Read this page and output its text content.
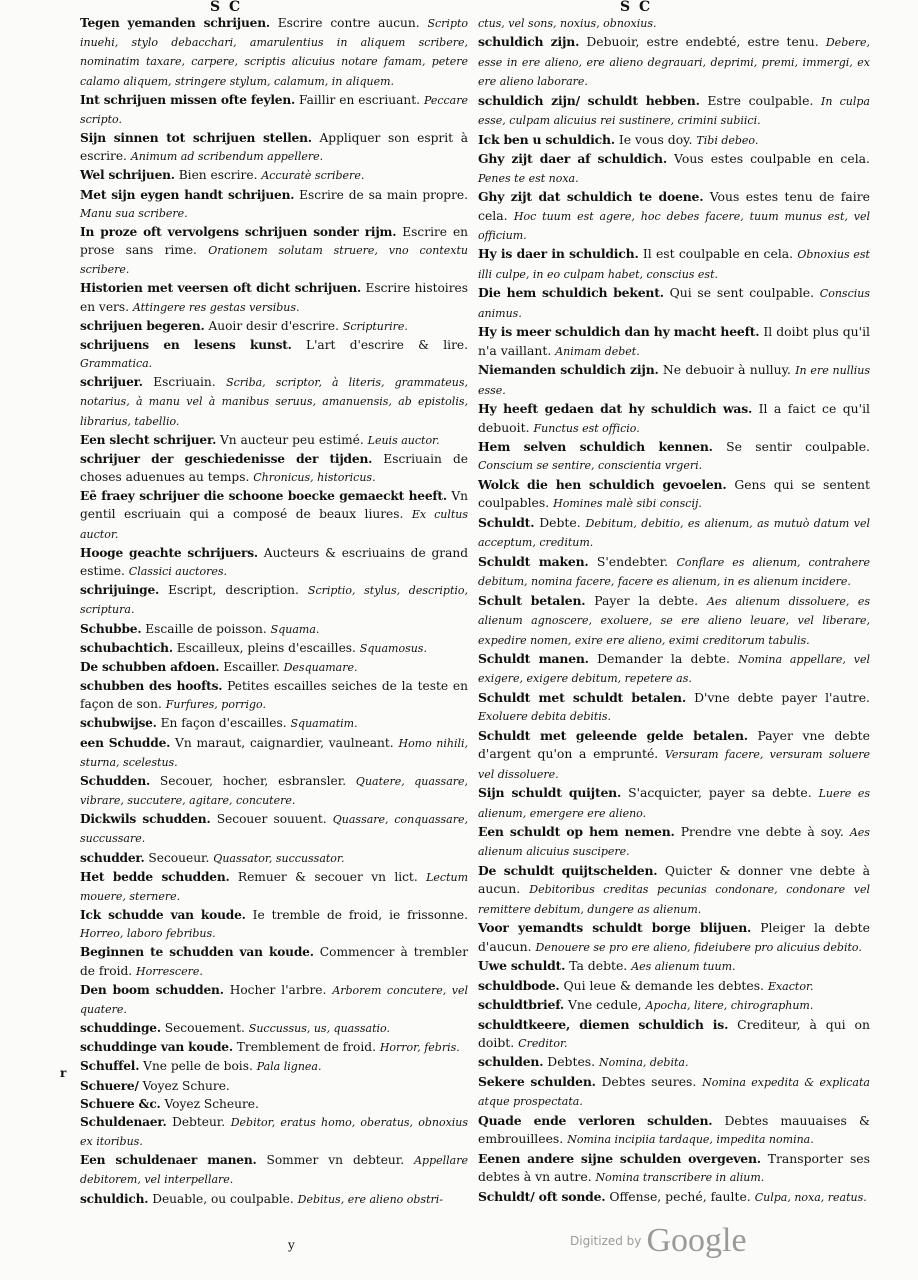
S C	S C

Tegen yemanden schrijuen. Escrire contre aucun. Scripto inuehi, stylo debacchari, amarulentius in aliquem scribere, nominatim taxare, carpere, scriptis alicuius notare famam, petere calamo aliquem, stringere stylum, calamum, in aliquem.

Int schrijuen missen ofte feylen. Faillir en escriuant. Peccare scripto.

Sijn sinnen tot schrijuen stellen. Appliquer son esprit à escrire. Animum ad scribendum appellere.

Wel schrijuen. Bien escrire. Accuratè scribere.

Met sijn eygen handt schrijuen. Escrire de sa main propre. Manu sua scribere.

In proze oft vervolgens schrijuen sonder rijm. Escrire en prose sans rime. Orationem solutam struere, vno contextu scribere.

Historien met veersen oft dicht schrijuen. Escrire histoires en vers. Attingere res gestas versibus.

schrijuen begeren. Auoir desir d'escrire. Scripturire.

schrijuens en lesens kunst. L'art d'escrire & lire. Grammatica.

schrijuer. Escriuain. Scriba, scriptor, à literis, grammateus, notarius, à manu vel à manibus seruus, amanuensis, ab epistolis, librarius, tabellio.

Een slecht schrijuer. Vn aucteur peu estimé. Leuis auctor.

schrijuer der geschiedenisse der tijden. Escriuain de choses aduenues au temps. Chronicus, historicus.

Eē fraey schrijuer die schoone boecke gemaeckt heeft. Vn gentil escriuain qui a composé de beaux liures. Ex cultus auctor.

Hooge geachte schrijuers. Aucteurs & escriuains de grand estime. Classici auctores.

schrijuinge. Escript, description. Scriptio, stylus, descriptio, scriptura.

Schubbe. Escaille de poisson. Squama.

schubachtich. Escailleux, pleins d'escailles. Squamosus.

De schubben afdoen. Escailler. Desquamare.

schubben des hoofts. Petites escailles seiches de la teste en façon de son. Furfures, porrigo.

schubwijse. En façon d'escailles. Squamatim.

een Schudde. Vn maraut, caignardier, vaulneant. Homo nihili, sturna, scelestus.

Schudden. Secouer, hocher, esbransler. Quatere, quassare, vibrare, succutere, agitare, concutere.

Dickwils schudden. Secouer souuent. Quassare, conquassare, succussare.

schudder. Secoueur. Quassator, succussator.

Het bedde schudden. Remuer & secouer vn lict. Lectum mouere, sternere.

Ick schudde van koude. Ie tremble de froid, ie frissonne. Horreo, laboro febribus.

Beginnen te schudden van koude. Commencer à trembler de froid. Horrescere.

Den boom schudden. Hocher l'arbre. Arborem concutere, vel quatere.

schuddinge. Secouement. Succussus, us, quassatio.

schuddinge van koude. Tremblement de froid. Horror, febris.

Schuffel. Vne pelle de bois. Pala lignea.

Schuere/ Voyez Schure.

Schuere &c. Voyez Scheure.

Schuldenaer. Debteur. Debitor, eratus homo, oberatus, obnoxius ex itoribus.

Een schuldenaer manen. Sommer vn debteur. Appellare debitorem, vel interpellare.

schuldich. Deuable, ou coulpable. Debitus, ere alieno obstri-

ctus, vel sons, noxius, obnoxius.

schuldich zijn. Debuoir, estre endebté, estre tenu. Debere, esse in ere alieno, ere alieno degrauari, deprimi, premi, immergi, ex ere alieno laborare.

schuldich zijn/ schuldt hebben. Estre coulpable. In culpa esse, culpam alicuius rei sustinere, crimini subiici.

Ick ben u schuldich. Ie vous doy. Tibi debeo.

Ghy zijt daer af schuldich. Vous estes coulpable en cela. Penes te est noxa.

Ghy zijt dat schuldich te doene. Vous estes tenu de faire cela. Hoc tuum est agere, hoc debes facere, tuum munus est, vel officium.

Hy is daer in schuldich. Il est coulpable en cela. Obnoxius est illi culpe, in eo culpam habet, conscius est.

Die hem schuldich bekent. Qui se sent coulpable. Conscius animus.

Hy is meer schuldich dan hy macht heeft. Il doibt plus qu'il n'a vaillant. Animam debet.

Niemanden schuldich zijn. Ne debuoir à nulluy. In ere nullius esse.

Hy heeft gedaen dat hy schuldich was. Il a faict ce qu'il debuoit. Functus est officio.

Hem selven schuldich kennen. Se sentir coulpable. Conscium se sentire, conscientia vrgeri.

Wolck die hen schuldich gevoelen. Gens qui se sentent coulpables. Homines malè sibi conscij.

Schuldt. Debte. Debitum, debitio, es alienum, as mutuò datum vel acceptum, creditum.

Schuldt maken. S'endebter. Conflare es alienum, contrahere debitum, nomina facere, facere es alienum, in es alienum incidere.

Schult betalen. Payer la debte. Aes alienum dissoluere, es alienum agnoscere, exoluere, se ere alieno leuare, vel liberare, expedire nomen, exire ere alieno, eximi creditorum tabulis.

Schuldt manen. Demander la debte. Nomina appellare, vel exigere, exigere debitum, repetere as.

Schuldt met schuldt betalen. D'vne debte payer l'autre. Exoluere debita debitis.

Schuldt met geleende gelde betalen. Payer vne debte d'argent qu'on a emprunté. Versuram facere, versuram soluere vel dissoluere.

Sijn schuldt quijten. S'acquicter, payer sa debte. Luere es alienum, emergere ere alieno.

Een schuldt op hem nemen. Prendre vne debte à soy. Aes alienum alicuius suscipere.

De schuldt quijtschelden. Quicter & donner vne debte à aucun. Debitoribus creditas pecunias condonare, condonare vel remittere debitum, dungere as alienum.

Voor yemandts schuldt borge blijuen. Pleiger la debte d'aucun. Denouere se pro ere alieno, fideiubere pro alicuius debito.

Uwe schuldt. Ta debte. Aes alienum tuum.

schuldbode. Qui leue & demande les debtes. Exactor.

schuldtbrief. Vne cedule, Apocha, litere, chirographum.

schuldtkeere, diemen schuldich is. Crediteur, à qui on doibt. Creditor.

schulden. Debtes. Nomina, debita.

Sekere schulden. Debtes seures. Nomina expedita & explicata atque prospectata.

Quade ende verloren schulden. Debtes mauuaises & embrouillees. Nomina incipiia tardaque, impedita nomina.

Eenen andere sijne schulden overgeven. Transporter ses debtes à vn autre. Nomina transcribere in alium.

Schuldt/ oft sonde. Offense, peché, faulte. Culpa, noxa, reatus.

r
y	$^{Digitized by}$ Google
